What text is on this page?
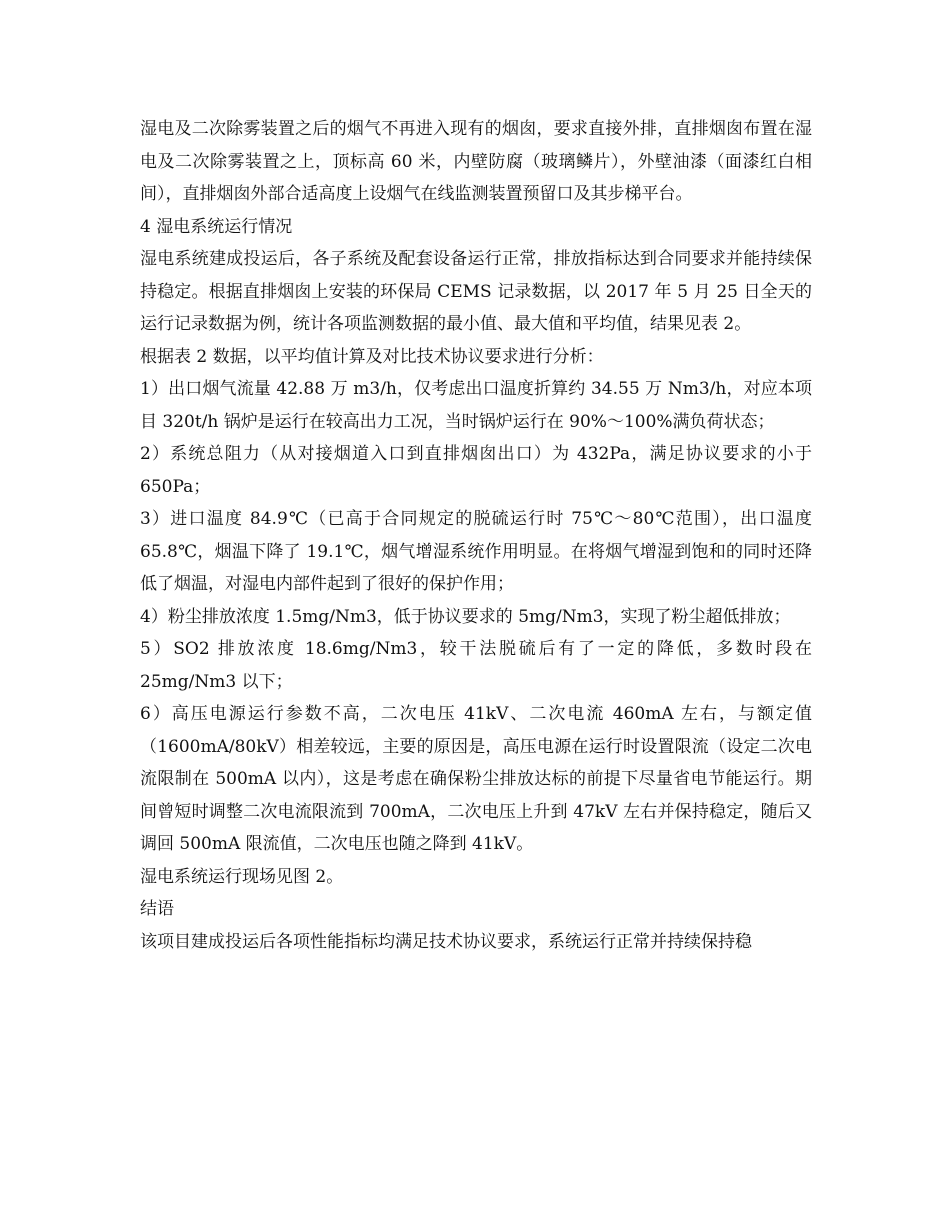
湿电及二次除雾装置之后的烟气不再进入现有的烟囱，要求直接外排，直排烟囱布置在湿电及二次除雾装置之上，顶标高 60 米，内壁防腐（玻璃鳞片），外壁油漆（面漆红白相间），直排烟囱外部合适高度上设烟气在线监测装置预留口及其步梯平台。

4 湿电系统运行情况

湿电系统建成投运后，各子系统及配套设备运行正常，排放指标达到合同要求并能持续保持稳定。根据直排烟囱上安装的环保局 CEMS 记录数据，以 2017 年 5 月 25 日全天的运行记录数据为例，统计各项监测数据的最小值、最大值和平均值，结果见表 2。

根据表 2 数据，以平均值计算及对比技术协议要求进行分析：

1）出口烟气流量 42.88 万 m3/h，仅考虑出口温度折算约 34.55 万 Nm3/h，对应本项目 320t/h 锅炉是运行在较高出力工况，当时锅炉运行在 90%～100%满负荷状态；

2）系统总阻力（从对接烟道入口到直排烟囱出口）为 432Pa，满足协议要求的小于 650Pa；

3）进口温度 84.9℃（已高于合同规定的脱硫运行时 75℃～80℃范围），出口温度 65.8℃，烟温下降了 19.1℃，烟气增湿系统作用明显。在将烟气增湿到饱和的同时还降低了烟温，对湿电内部件起到了很好的保护作用；

4）粉尘排放浓度 1.5mg/Nm3，低于协议要求的 5mg/Nm3，实现了粉尘超低排放；

5）SO2 排放浓度 18.6mg/Nm3，较干法脱硫后有了一定的降低，多数时段在 25mg/Nm3 以下；

6）高压电源运行参数不高，二次电压 41kV、二次电流 460mA 左右，与额定值（1600mA/80kV）相差较远，主要的原因是，高压电源在运行时设置限流（设定二次电流限制在 500mA 以内），这是考虑在确保粉尘排放达标的前提下尽量省电节能运行。期间曾短时调整二次电流限流到 700mA，二次电压上升到 47kV 左右并保持稳定，随后又调回 500mA 限流值，二次电压也随之降到 41kV。

湿电系统运行现场见图 2。

结语

该项目建成投运后各项性能指标均满足技术协议要求，系统运行正常并持续保持稳
